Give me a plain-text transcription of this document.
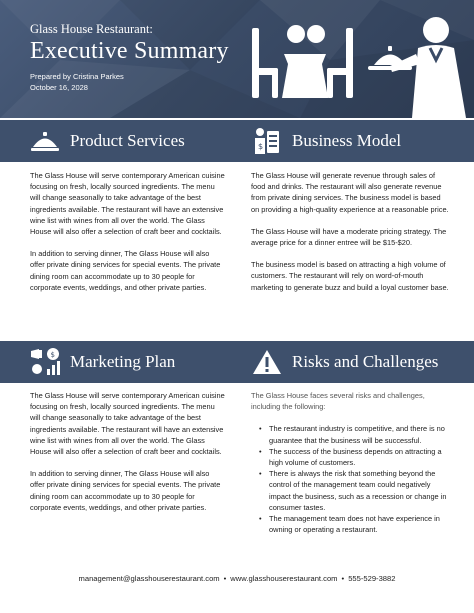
Glass House Restaurant:
Executive Summary
Prepared by Cristina Parkes
October 16, 2028
Product Services	$ Business Model

The Glass House will serve contemporary American cuisine focusing on fresh, locally sourced ingredients. The menu will change seasonally to take advantage of the best ingredients available. The restaurant will have an extensive wine list with wines from all over the world. The Glass House will also offer a selection of craft beer and cocktails.

In addition to serving dinner, The Glass House will also offer private dining services for special events. The private dining room can accommodate up to 30 people for corporate events, weddings, and other private parties.

The Glass House will generate revenue through sales of food and drinks. The restaurant will also generate revenue from private dining services. The business model is based on providing a high-quality experience at a reasonable price.

The Glass House will have a moderate pricing strategy. The average price for a dinner entree will be $15-$20.

The business model is based on attracting a high volume of customers. The restaurant will rely on word-of-mouth marketing to generate buzz and build a loyal customer base.

$ Marketing Plan	Risks and Challenges

The Glass House will serve contemporary American cuisine focusing on fresh, locally sourced ingredients. The menu will change seasonally to take advantage of the best ingredients available. The restaurant will have an extensive wine list with wines from all over the world. The Glass House will also offer a selection of craft beer and cocktails.

In addition to serving dinner, The Glass House will also offer private dining services for special events. The private dining room can accommodate up to 30 people for corporate events, weddings, and other private parties.

The Glass House faces several risks and challenges, including the following:

• The restaurant industry is competitive, and there is no guarantee that the business will be successful.
• The success of the business depends on attracting a high volume of customers.
• There is always the risk that something beyond the control of the management team could negatively impact the business, such as a recession or change in consumer tastes.
• The management team does not have experience in owning or operating a restaurant.
management@glasshouserestaurant.com • www.glasshouserestaurant.com • 555-529-3882
